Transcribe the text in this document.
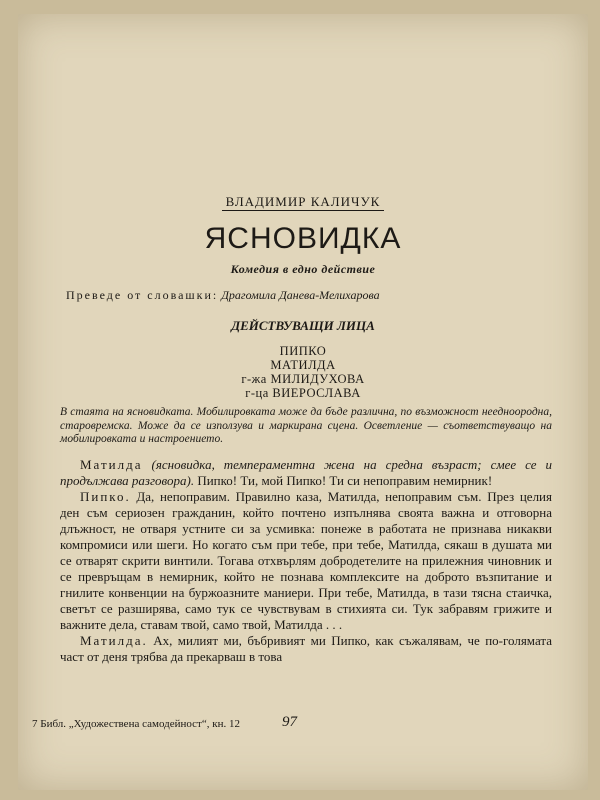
ВЛАДИМИР КАЛИЧУК
ЯСНОВИДКА
Комедия в едно действие
Преведе от словашки: Драгомила Данева-Мелихарова
ДЕЙСТВУВАЩИ ЛИЦА
ПИПКО
МАТИЛДА
г-жа МИЛИДУХОВА
г-ца ВИЕРОСЛАВА
В стаята на ясновидката. Мобилировката може да бъде различна, по възможност неедноородна, старовремска. Може да се използува и маркирана сцена. Осветление — съответствуващо на мобилировката и настроението.

Матилда (ясновидка, темпераментна жена на средна възраст; смее се и продължава разговора). Пипко! Ти, мой Пипко! Ти си непоправим немирник!

Пипко. Да, непоправим. Правилно каза, Матилда, непоправим съм. През целия ден съм сериозен гражданин, който почтено изпълнява своята важна и отговорна длъжност, не отваря устните си за усмивка: понеже в работата не признава никакви компромиси или шеги. Но когато съм при тебе, при тебе, Матилда, сякаш в душата ми се отварят скрити винтили. Тогава отхвърлям добродетелите на прилежния чиновник и се превръщам в немирник, който не познава комплексите на доброто възпитание и гнилите конвенции на буржоазните маниери. При тебе, Матилда, в тази тясна стаичка, светът се разширява, само тук се чувствувам в стихията си. Тук забравям грижите и важните дела, ставам твой, само твой, Матилда . . .

Матилда. Ах, милият ми, бъбривият ми Пипко, как съжалявам, че по-голямата част от деня трябва да прекарваш в това

7 Библ. „Художествена самодейност“, кн. 12	97
